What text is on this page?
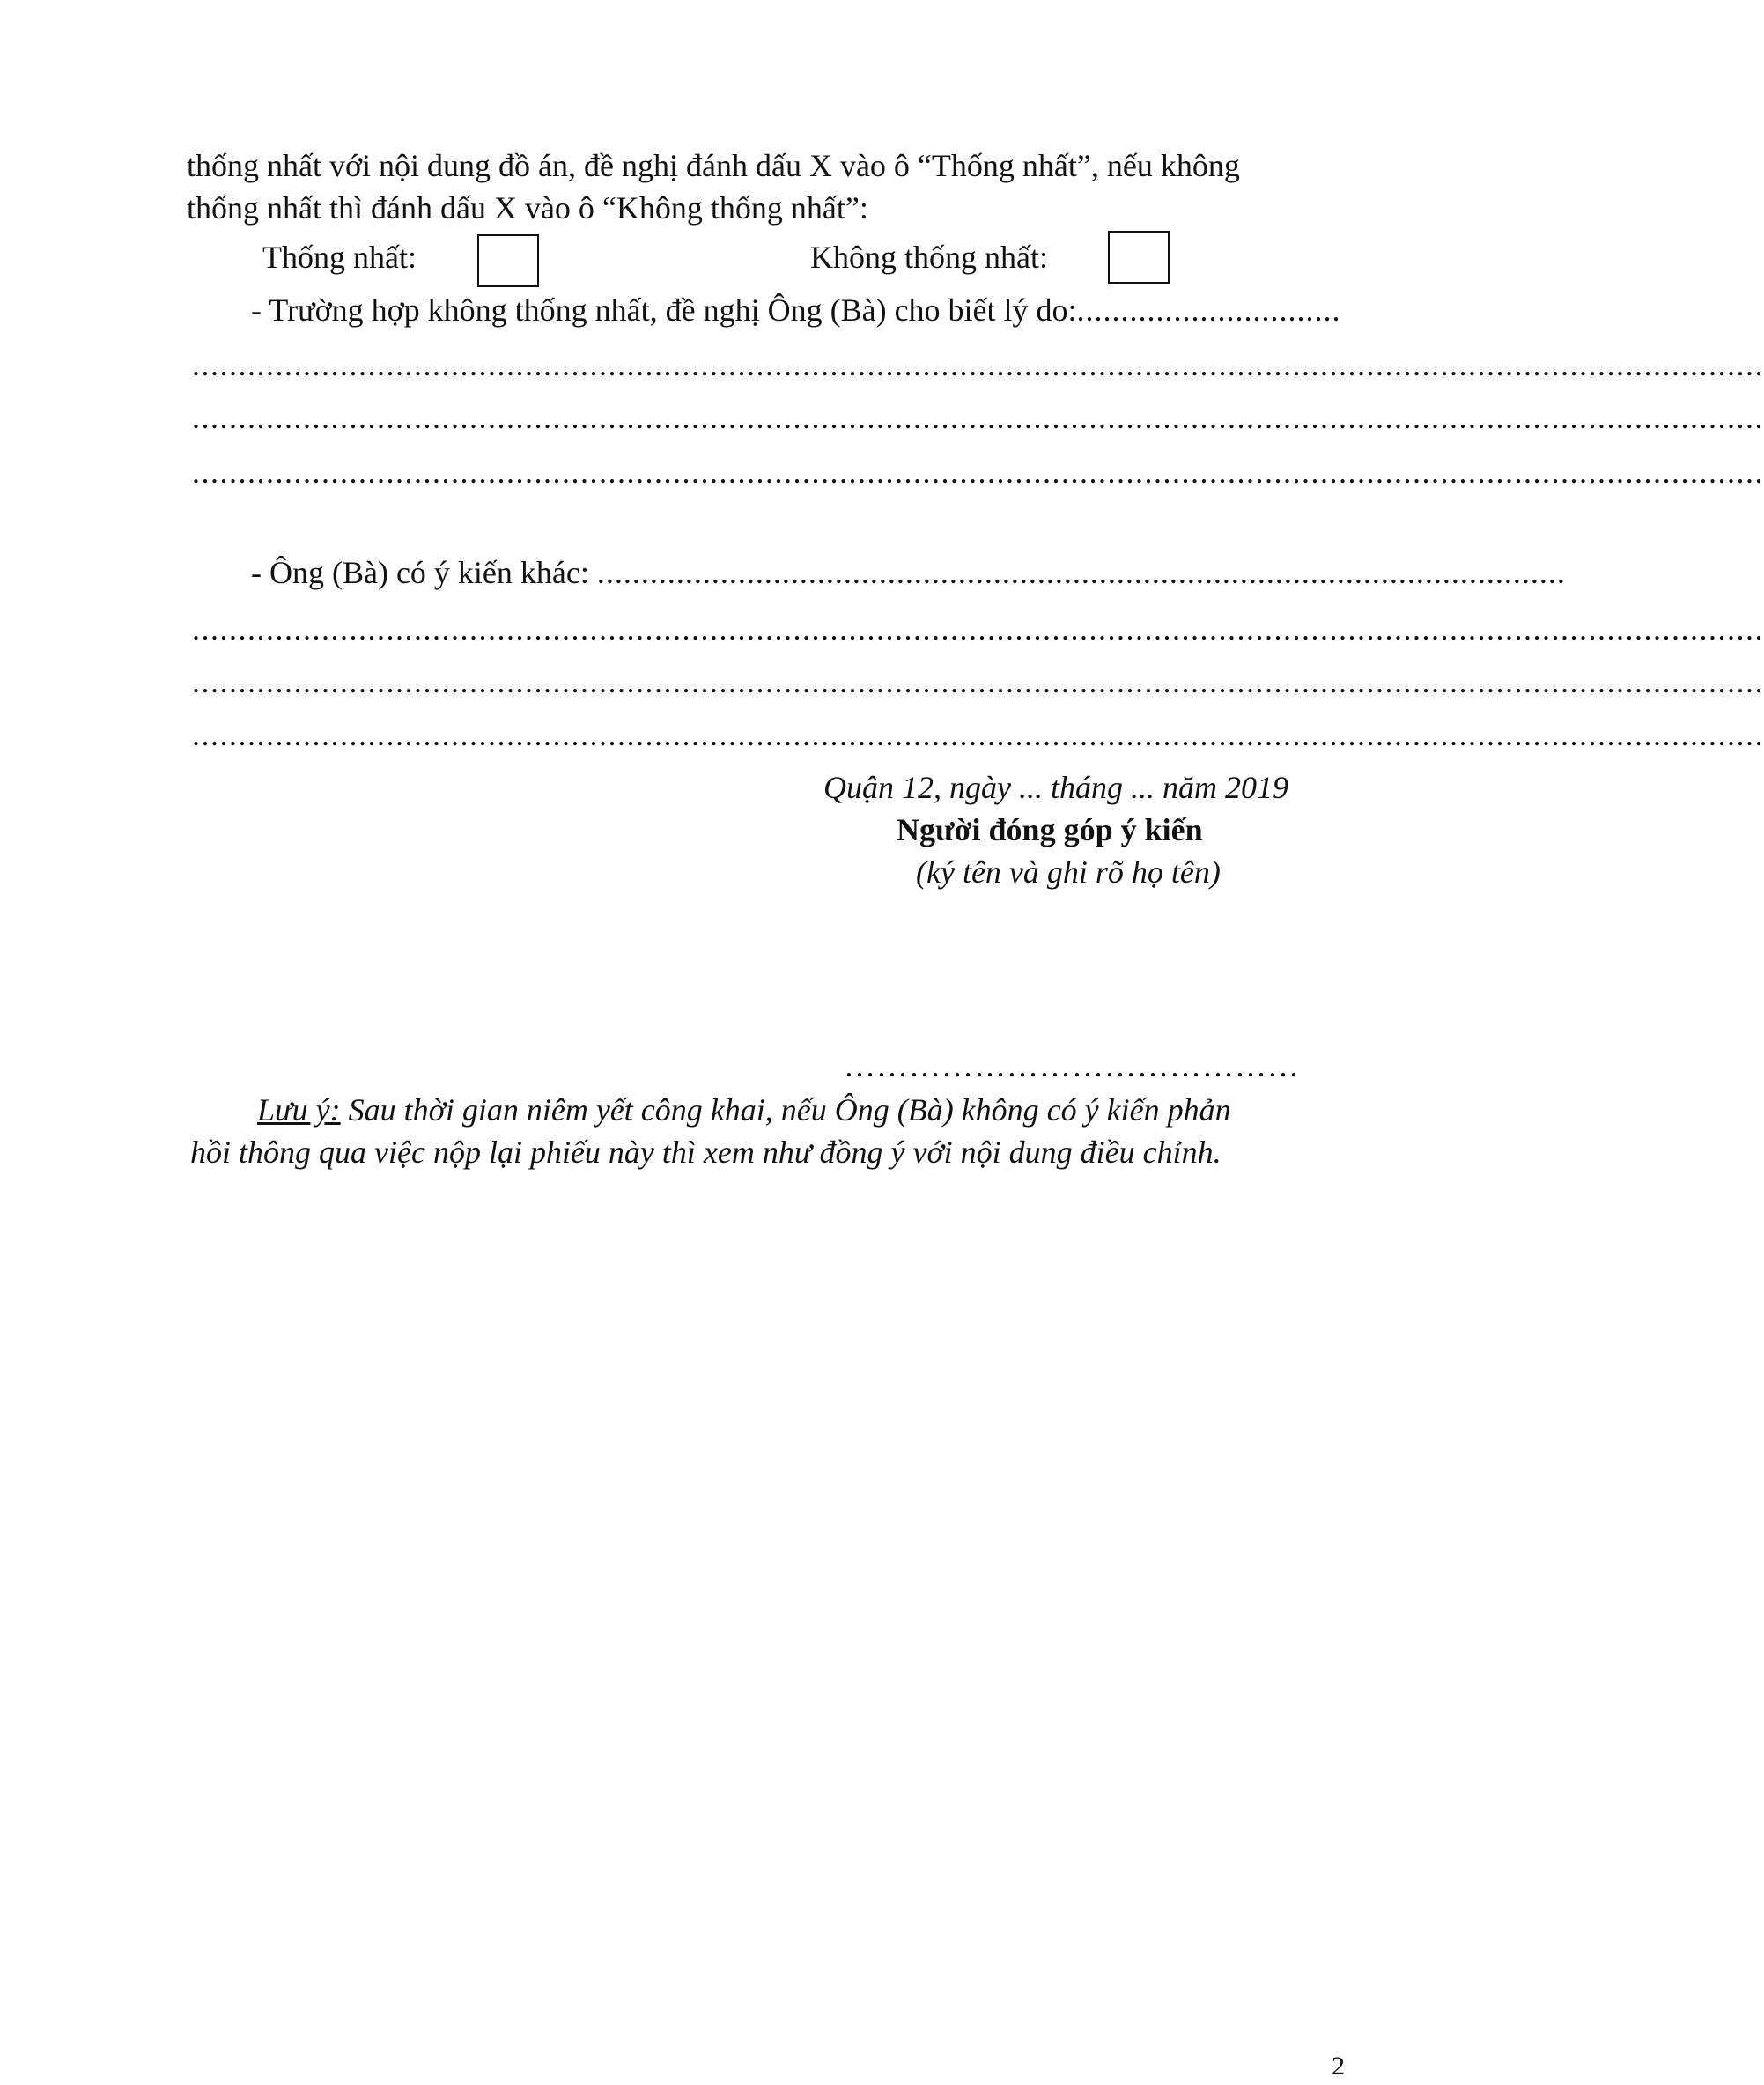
thống nhất với nội dung đồ án, đề nghị đánh dấu X vào ô “Thống nhất”, nếu không
thống nhất thì đánh dấu X vào ô “Không thống nhất”:
Thống nhất:	Không thống nhất:
- Trường hợp không thống nhất, đề nghị Ông (Bà) cho biết lý do:..............................
..........................................................................................................................................................................
..........................................................................................................................................................................
..........................................................................................................................................................................
- Ông (Bà) có ý kiến khác: ..............................................................................................................
..........................................................................................................................................................................
..........................................................................................................................................................................
..........................................................................................................................................................................
Quận 12, ngày ... tháng ... năm 2019
Người đóng góp ý kiến
(ký tên và ghi rõ họ tên)
……………………………………
Lưu ý: Sau thời gian niêm yết công khai, nếu Ông (Bà) không có ý kiến phản
hồi thông qua việc nộp lại phiếu này thì xem như đồng ý với nội dung điều chỉnh.
2
